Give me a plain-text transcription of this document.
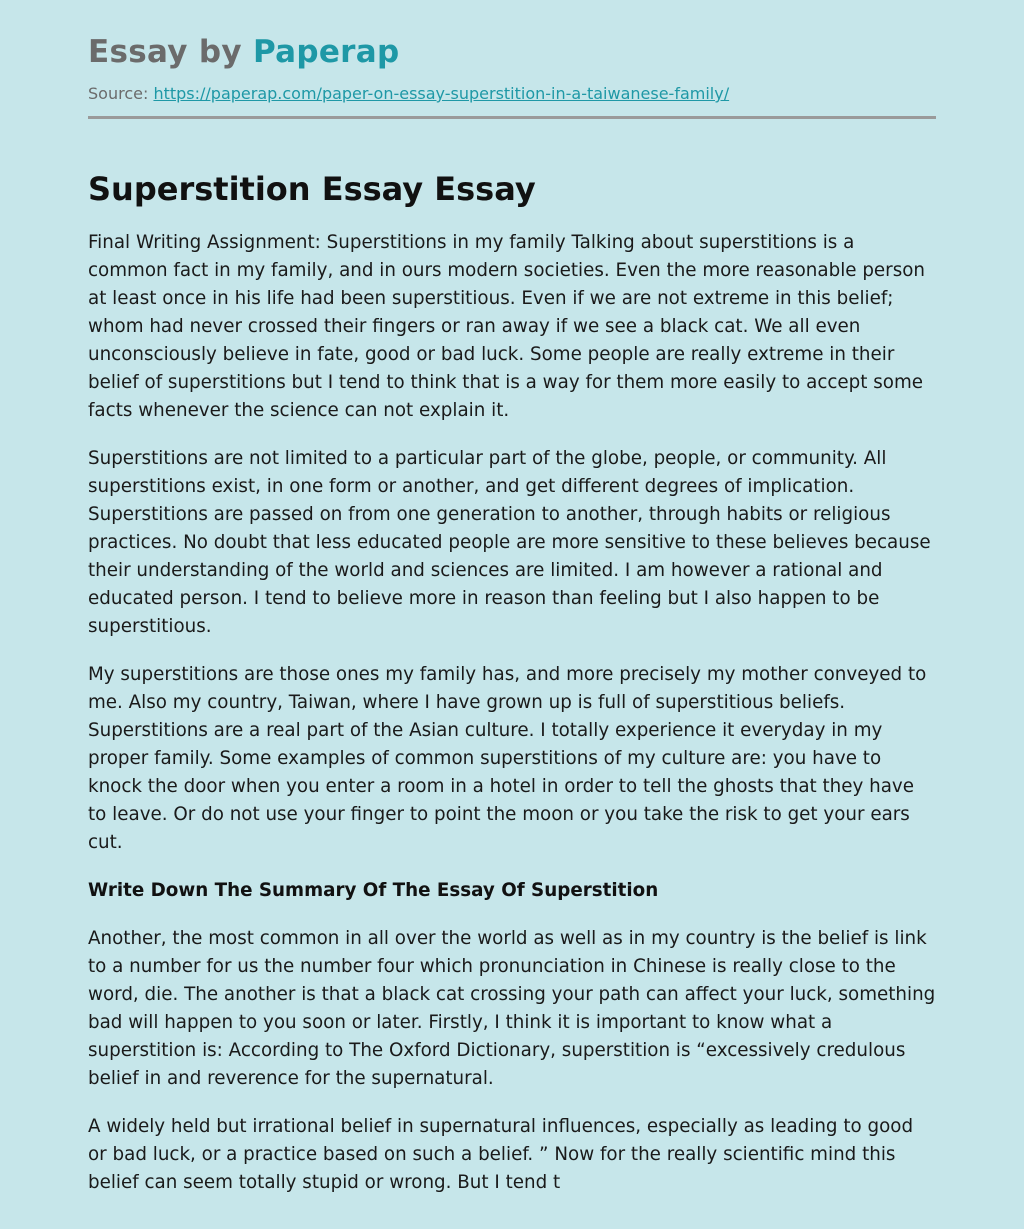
Essay by Paperap
Source: https://paperap.com/paper-on-essay-superstition-in-a-taiwanese-family/
Superstition Essay Essay

Final Writing Assignment: Superstitions in my family Talking about superstitions is a common fact in my family, and in ours modern societies. Even the more reasonable person at least once in his life had been superstitious. Even if we are not extreme in this belief; whom had never crossed their fingers or ran away if we see a black cat. We all even unconsciously believe in fate, good or bad luck. Some people are really extreme in their belief of superstitions but I tend to think that is a way for them more easily to accept some facts whenever the science can not explain it.

Superstitions are not limited to a particular part of the globe, people, or community. All superstitions exist, in one form or another, and get different degrees of implication. Superstitions are passed on from one generation to another, through habits or religious practices. No doubt that less educated people are more sensitive to these believes because their understanding of the world and sciences are limited. I am however a rational and educated person. I tend to believe more in reason than feeling but I also happen to be superstitious.

My superstitions are those ones my family has, and more precisely my mother conveyed to me. Also my country, Taiwan, where I have grown up is full of superstitious beliefs. Superstitions are a real part of the Asian culture. I totally experience it everyday in my proper family. Some examples of common superstitions of my culture are: you have to knock the door when you enter a room in a hotel in order to tell the ghosts that they have to leave. Or do not use your finger to point the moon or you take the risk to get your ears cut.

Write Down The Summary Of The Essay Of Superstition

Another, the most common in all over the world as well as in my country is the belief is link to a number for us the number four which pronunciation in Chinese is really close to the word, die. The another is that a black cat crossing your path can affect your luck, something bad will happen to you soon or later. Firstly, I think it is important to know what a superstition is: According to The Oxford Dictionary, superstition is “excessively credulous belief in and reverence for the supernatural.

A widely held but irrational belief in supernatural influences, especially as leading to good or bad luck, or a practice based on such a belief. ” Now for the really scientific mind this belief can seem totally stupid or wrong. But I tend t
